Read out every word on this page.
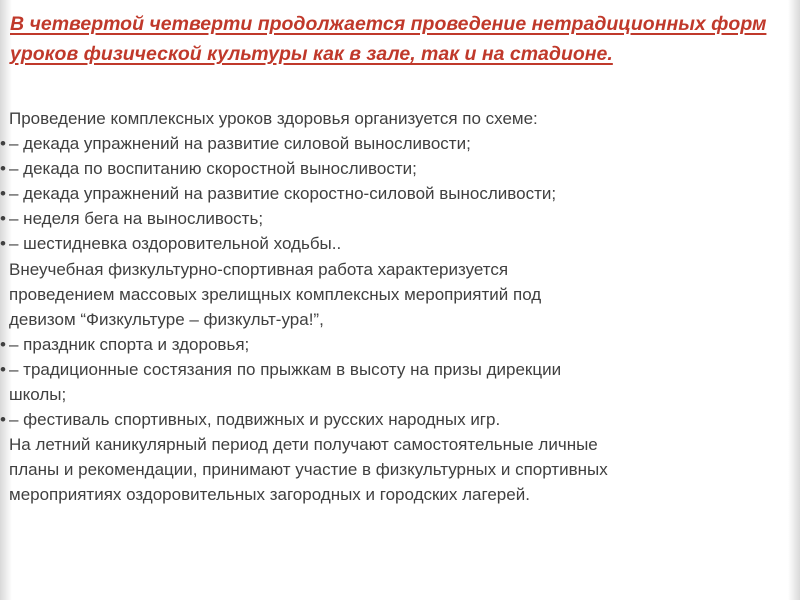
В четвертой четверти продолжается проведение нетрадиционных форм уроков физической культуры как в зале, так и на стадионе.

Проведение комплексных уроков здоровья организуется по схеме:

• – декада упражнений на развитие силовой выносливости;

• – декада по воспитанию скоростной выносливости;

• – декада упражнений на развитие скоростно-силовой выносливости;

• – неделя бега на выносливость;

• – шестидневка оздоровительной ходьбы..

Внеучебная физкультурно-спортивная работа характеризуется

проведением массовых зрелищных комплексных мероприятий под

девизом “Физкультуре – физкульт-ура!”,

• – праздник спорта и здоровья;

• – традиционные состязания по прыжкам в высоту на призы дирекции

школы;

• – фестиваль спортивных, подвижных и русских народных игр.

На летний каникулярный период дети получают самостоятельные личные

планы и рекомендации, принимают участие в физкультурных и спортивных

мероприятиях оздоровительных загородных и городских лагерей.
